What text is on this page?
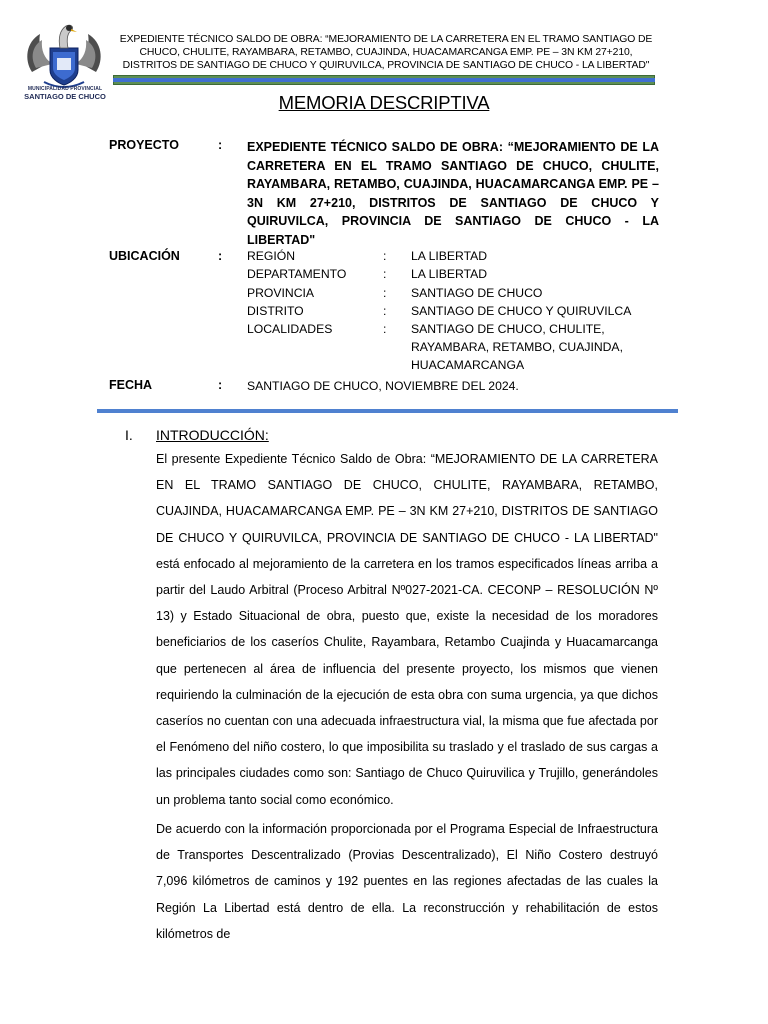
MUNICIPALIDAD PROVINCIAL
SANTIAGO DE CHUCO
EXPEDIENTE TÉCNICO SALDO DE OBRA: “MEJORAMIENTO DE LA CARRETERA EN EL TRAMO SANTIAGO DE CHUCO, CHULITE, RAYAMBARA, RETAMBO, CUAJINDA, HUACAMARCANGA EMP. PE – 3N KM 27+210, DISTRITOS DE SANTIAGO DE CHUCO Y QUIRUVILCA, PROVINCIA DE SANTIAGO DE CHUCO - LA LIBERTAD"
MEMORIA DESCRIPTIVA
PROYECTO	: EXPEDIENTE TÉCNICO SALDO DE OBRA: “MEJORAMIENTO DE LA CARRETERA EN EL TRAMO SANTIAGO DE CHUCO, CHULITE, RAYAMBARA, RETAMBO, CUAJINDA, HUACAMARCANGA EMP. PE – 3N KM 27+210, DISTRITOS DE SANTIAGO DE CHUCO Y QUIRUVILCA, PROVINCIA DE SANTIAGO DE CHUCO - LA LIBERTAD"
UBICACIÓN	: REGIÓN	: LA LIBERTAD
DEPARTAMENTO	: LA LIBERTAD
PROVINCIA	: SANTIAGO DE CHUCO
DISTRITO	: SANTIAGO DE CHUCO Y QUIRUVILCA
LOCALIDADES	: SANTIAGO DE CHUCO, CHULITE, RAYAMBARA, RETAMBO, CUAJINDA, HUACAMARCANGA
FECHA	: SANTIAGO DE CHUCO, NOVIEMBRE DEL 2024.
I. INTRODUCCIÓN:
El presente Expediente Técnico Saldo de Obra: “MEJORAMIENTO DE LA CARRETERA EN EL TRAMO SANTIAGO DE CHUCO, CHULITE, RAYAMBARA, RETAMBO, CUAJINDA, HUACAMARCANGA EMP. PE – 3N KM 27+210, DISTRITOS DE SANTIAGO DE CHUCO Y QUIRUVILCA, PROVINCIA DE SANTIAGO DE CHUCO - LA LIBERTAD" está enfocado al mejoramiento de la carretera en los tramos especificados líneas arriba a partir del Laudo Arbitral (Proceso Arbitral Nº027-2021-CA. CECONP – RESOLUCIÓN Nº 13) y Estado Situacional de obra, puesto que, existe la necesidad de los moradores beneficiarios de los caseríos Chulite, Rayambara, Retambo Cuajinda y Huacamarcanga que pertenecen al área de influencia del presente proyecto, los mismos que vienen requiriendo la culminación de la ejecución de esta obra con suma urgencia, ya que dichos caseríos no cuentan con una adecuada infraestructura vial, la misma que fue afectada por el Fenómeno del niño costero, lo que imposibilita su traslado y el traslado de sus cargas a las principales ciudades como son: Santiago de Chuco Quiruvilica y Trujillo, generándoles un problema tanto social como económico.
De acuerdo con la información proporcionada por el Programa Especial de Infraestructura de Transportes Descentralizado (Provias Descentralizado), El Niño Costero destruyó 7,096 kilómetros de caminos y 192 puentes en las regiones afectadas de las cuales la Región La Libertad está dentro de ella. La reconstrucción y rehabilitación de estos kilómetros de
